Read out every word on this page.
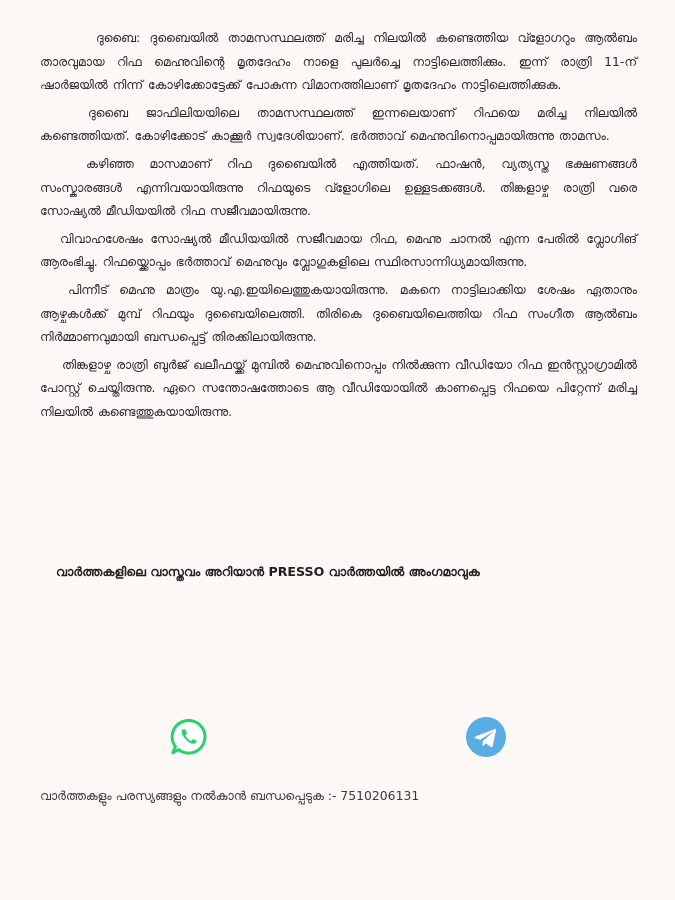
ദുബൈ: ദുബൈയിൽ താമസസ്ഥലത്ത് മരിച്ച നിലയിൽ കണ്ടെത്തിയ വ്ളോഗറും ആൽബം താരവുമായ റിഫ മെഹ്നുവിന്റെ മൃതദേഹം നാളെ പുലർച്ചെ നാട്ടിലെത്തിക്കും. ഇന്ന് രാത്രി 11-ന് ഷാർജയിൽ നിന്ന് കോഴിക്കോട്ടേക്ക് പോകുന്ന വിമാനത്തിലാണ് മൃതദേഹം നാട്ടിലെത്തിക്കുക.

ദുബൈ ജാഫിലിയയിലെ താമസസ്ഥലത്ത് ഇന്നലെയാണ് റിഫയെ മരിച്ച നിലയിൽ കണ്ടെത്തിയത്. കോഴിക്കോട് കാക്കൂർ സ്വദേശിയാണ്. ഭർത്താവ് മെഹ്നുവിനൊപ്പമായിരുന്നു താമസം.

കഴിഞ്ഞ മാസമാണ് റിഫ ദുബൈയിൽ എത്തിയത്. ഫാഷൻ, വ്യത്യസ്ത ഭക്ഷണങ്ങൾ സംസ്കാരങ്ങൾ എന്നിവയായിരുന്നു റിഫയുടെ വ്ളോഗിലെ ഉള്ളടക്കങ്ങൾ. തിങ്കളാഴ്ച രാത്രി വരെ സോഷ്യൽ മീഡിയയിൽ റിഫ സജീവമായിരുന്നു.

വിവാഹശേഷം സോഷ്യൽ മീഡിയയിൽ സജീവമായ റിഫ, മെഹ്നു ചാനൽ എന്ന പേരിൽ വ്ലോഗിങ് ആരംഭിച്ചു. റിഫയ്ക്കൊപ്പം ഭർത്താവ് മെഹ്നുവും വ്ലോഗുകളിലെ സ്ഥിരസാന്നിധ്യമായിരുന്നു.

പിന്നീട് മെഹ്നു മാത്രം യു.എ.ഇയിലെത്തുകയായിരുന്നു. മകനെ നാട്ടിലാക്കിയ ശേഷം ഏതാനും ആഴ്ചകൾക്ക് മുമ്പ് റിഫയും ദുബൈയിലെത്തി. തിരികെ ദുബൈയിലെത്തിയ റിഫ സംഗീത ആൽബം നിർമ്മാണവുമായി ബന്ധപ്പെട്ട് തിരക്കിലായിരുന്നു.

തിങ്കളാഴ്ച രാത്രി ബുർജ് ഖലീഫയ്ക്ക് മുമ്പിൽ മെഹ്നുവിനൊപ്പം നിൽക്കുന്ന വീഡിയോ റിഫ ഇൻസ്റ്റാഗ്രാമിൽ പോസ്റ്റ് ചെയ്തിരുന്നു. ഏറെ സന്തോഷത്തോടെ ആ വീഡിയോയിൽ കാണപ്പെട്ട റിഫയെ പിറ്റേന്ന് മരിച്ച നിലയിൽ കണ്ടെത്തുകയായിരുന്നു.

വാർത്തകളിലെ വാസ്തവം അറിയാൻ PRESSO വാർത്തയിൽ അംഗമാവുക
വാർത്തകളും പരസ്യങ്ങളും നൽകാൻ ബന്ധപ്പെടുക :- 7510206131
